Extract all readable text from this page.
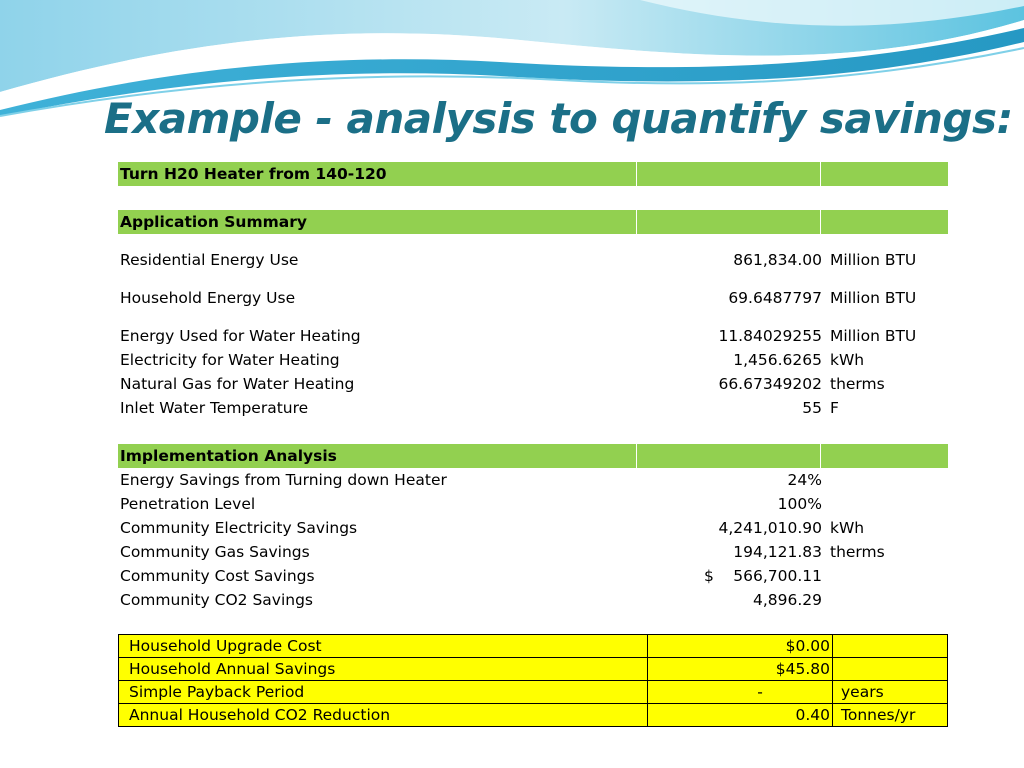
Example - analysis to quantify savings:
Turn H20 Heater from 140-120
Application Summary
Residential Energy Use	861,834.00 Million BTU
Household Energy Use	69.6487797 Million BTU
Energy Used for Water Heating	11.84029255 Million BTU
Electricity for Water Heating	1,456.6265 kWh
Natural Gas for Water Heating	66.67349202 therms
Inlet Water Temperature	55 F
Implementation Analysis
Energy Savings from Turning down Heater	24%
Penetration Level	100%
Community Electricity Savings	4,241,010.90 kWh
Community Gas Savings	194,121.83 therms
Community Cost Savings	$ 566,700.11
Community CO2 Savings	4,896.29
Household Upgrade Cost	$0.00	
Household Annual Savings	$45.80	
Simple Payback Period	-	years
Annual Household CO2 Reduction	0.40	Tonnes/yr
